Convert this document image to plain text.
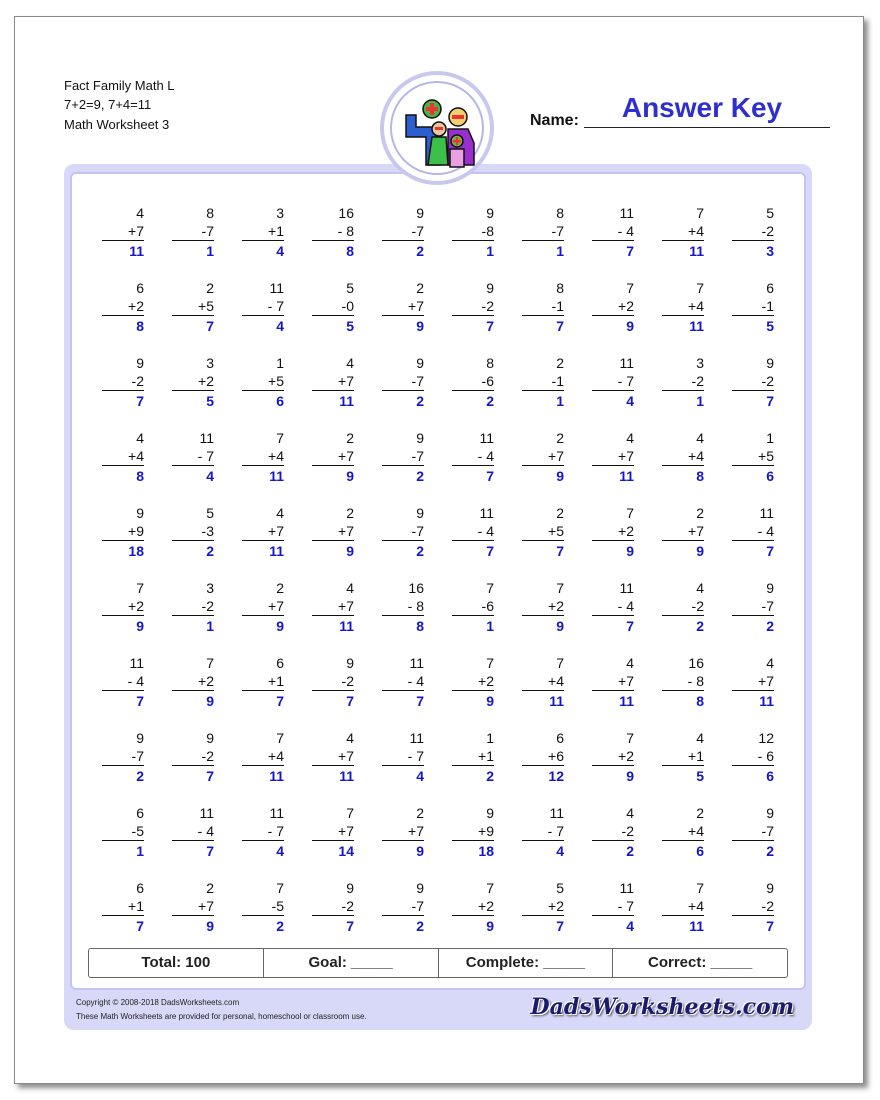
Fact Family Math L
7+2=9, 7+4=11
Math Worksheet 3
Answer Key
Name:
4
+7
11
8
-7
1
3
+1
4
16
- 8
8
9
-7
2
9
-8
1
8
-7
1
11
- 4
7
7
+4
11
5
-2
3
6
+2
8
2
+5
7
11
- 7
4
5
-0
5
2
+7
9
9
-2
7
8
-1
7
7
+2
9
7
+4
11
6
-1
5
9
-2
7
3
+2
5
1
+5
6
4
+7
11
9
-7
2
8
-6
2
2
-1
1
11
- 7
4
3
-2
1
9
-2
7
4
+4
8
11
- 7
4
7
+4
11
2
+7
9
9
-7
2
11
- 4
7
2
+7
9
4
+7
11
4
+4
8
1
+5
6
9
+9
18
5
-3
2
4
+7
11
2
+7
9
9
-7
2
11
- 4
7
2
+5
7
7
+2
9
2
+7
9
11
- 4
7
7
+2
9
3
-2
1
2
+7
9
4
+7
11
16
- 8
8
7
-6
1
7
+2
9
11
- 4
7
4
-2
2
9
-7
2
11
- 4
7
7
+2
9
6
+1
7
9
-2
7
11
- 4
7
7
+2
9
7
+4
11
4
+7
11
16
- 8
8
4
+7
11
9
-7
2
9
-2
7
7
+4
11
4
+7
11
11
- 7
4
1
+1
2
6
+6
12
7
+2
9
4
+1
5
12
- 6
6
6
-5
1
11
- 4
7
11
- 7
4
7
+7
14
2
+7
9
9
+9
18
11
- 7
4
4
-2
2
2
+4
6
9
-7
2
6
+1
7
2
+7
9
7
-5
2
9
-2
7
9
-7
2
7
+2
9
5
+2
7
11
- 7
4
7
+4
11
9
-2
7
Total: 100	Goal: _____	Complete: _____	Correct: _____
Copyright © 2008-2018 DadsWorksheets.com
These Math Worksheets are provided for personal, homeschool or classroom use.	DadsWorksheets.com
